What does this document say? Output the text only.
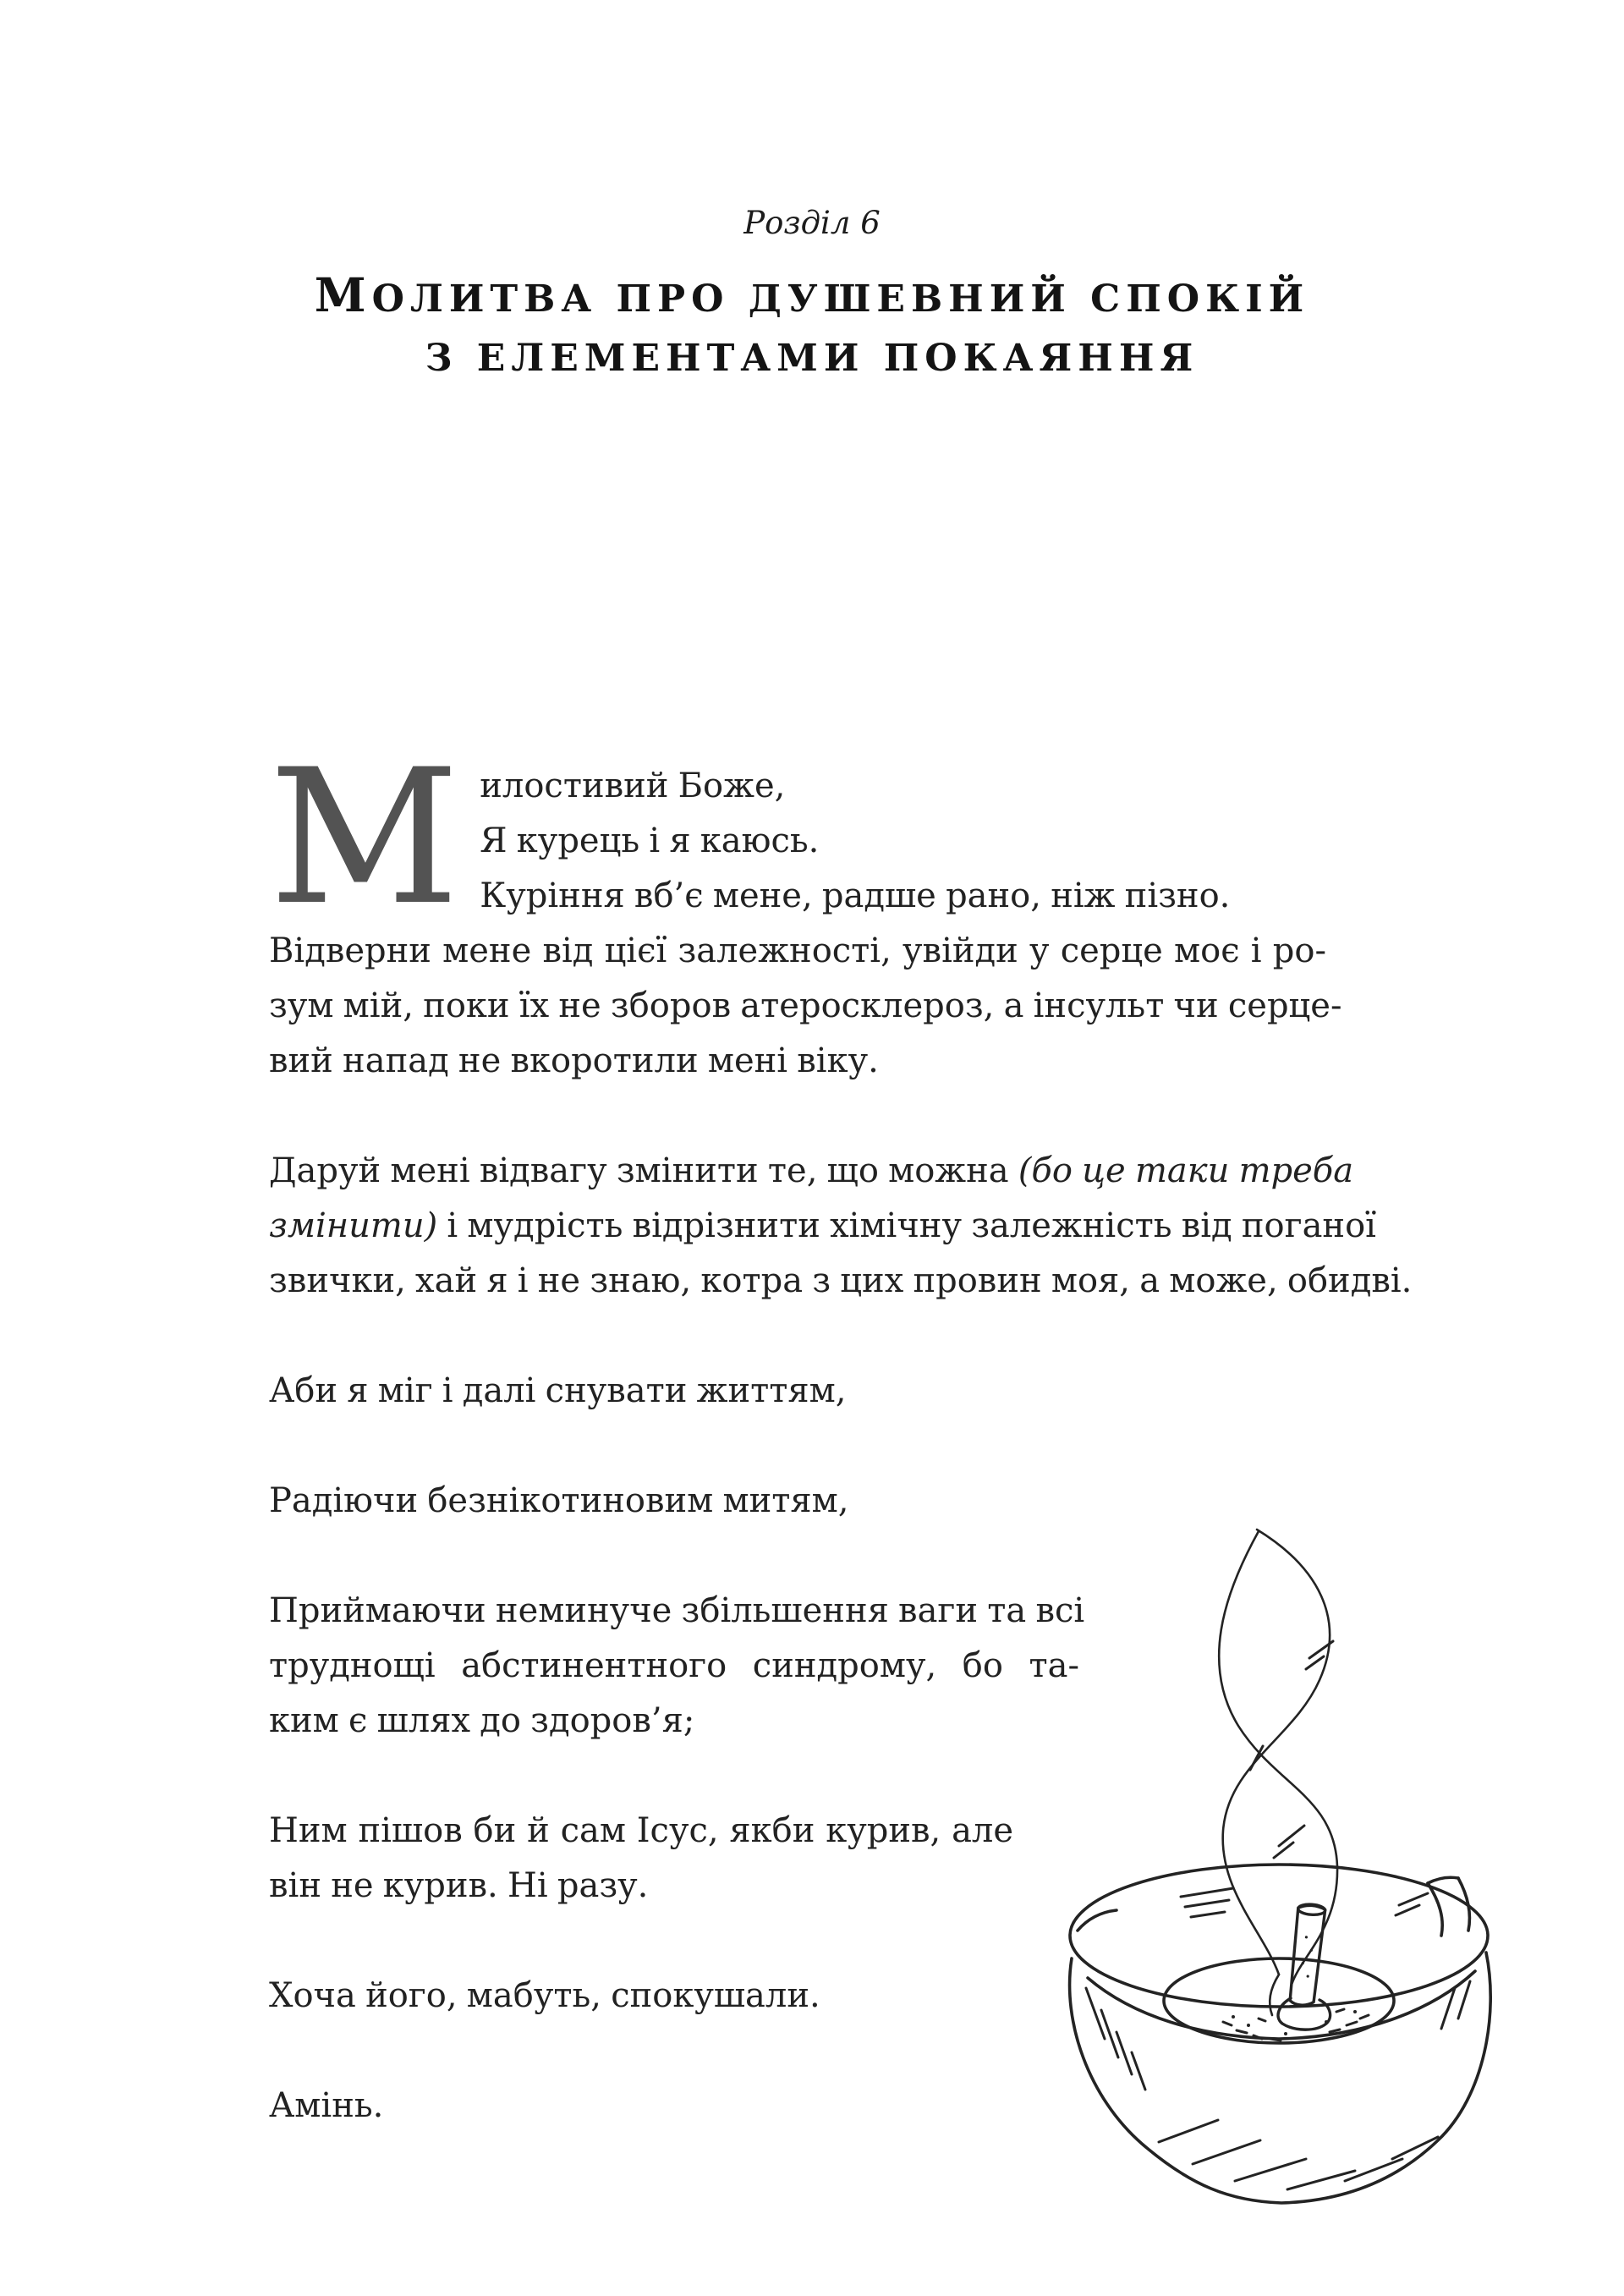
Розділ 6
МОЛИТВА ПРО ДУШЕВНИЙ СПОКІЙ
З ЕЛЕМЕНТАМИ ПОКАЯННЯ
М илостивий Боже,
Я курець і я каюсь.
Куріння вб’є мене, радше рано, ніж пізно.
Відверни мене від цієї залежності, увійди у серце моє і ро-
зум мій, поки їх не зборов атеросклероз, а інсульт чи серце-
вий напад не вкоротили мені віку.
Даруй мені відвагу змінити те, що можна (бо це таки треба
змінити) і мудрість відрізнити хімічну залежність від поганої
звички, хай я і не знаю, котра з цих провин моя, а може, обидві.
Аби я міг і далі снувати життям,
Радіючи безнікотиновим митям,
Приймаючи неминуче збільшення ваги та всі
труднощі абстинентного синдрому, бо та-
ким є шлях до здоров’я;
Ним пішов би й сам Ісус, якби курив, але
він не курив. Ні разу.
Хоча його, мабуть, спокушали.
Амінь.
